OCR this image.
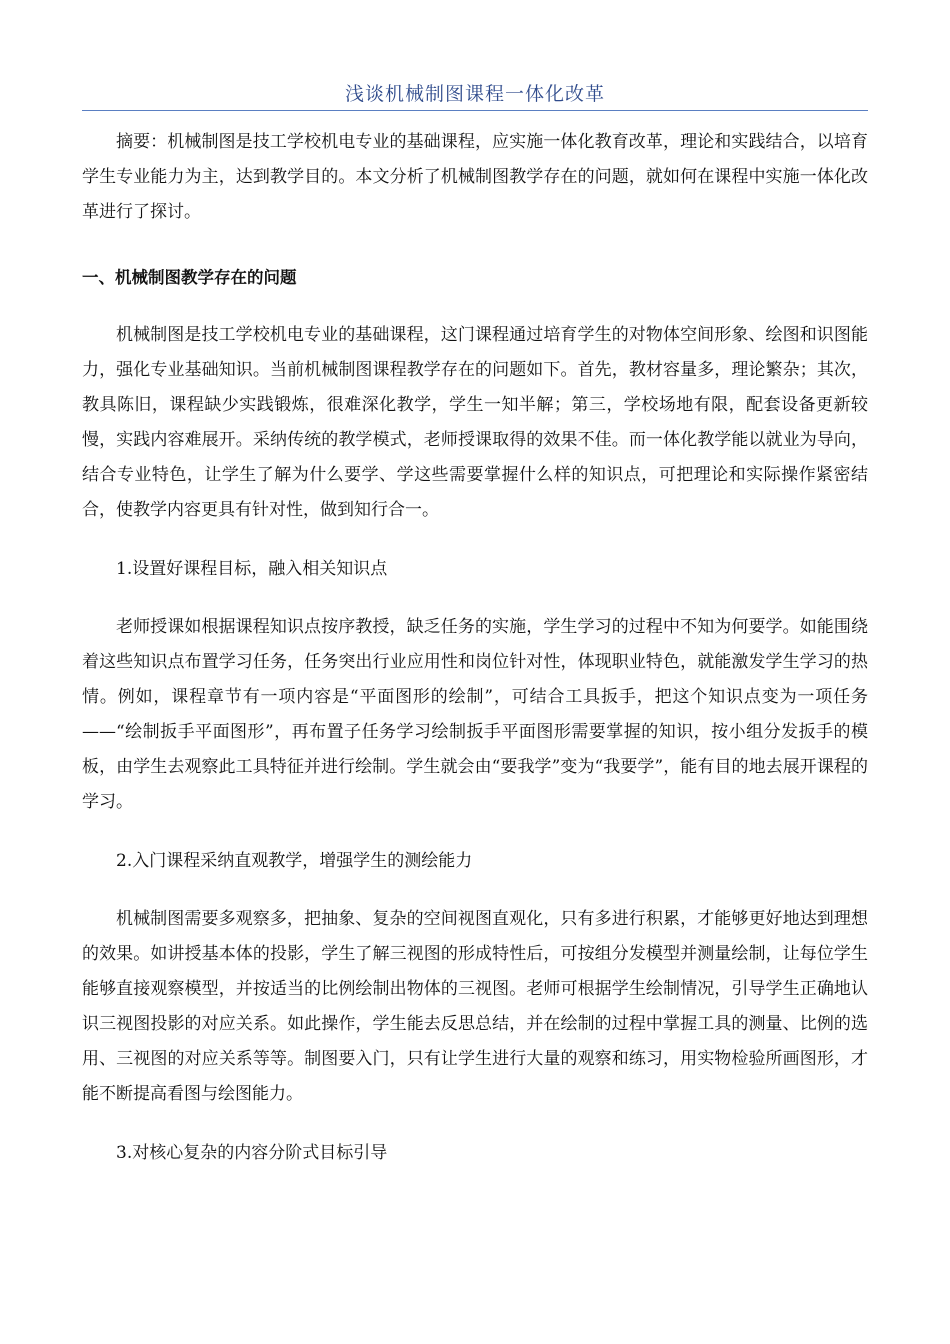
浅谈机械制图课程一体化改革

摘要：机械制图是技工学校机电专业的基础课程，应实施一体化教育改革，理论和实践结合，以培育学生专业能力为主，达到教学目的。本文分析了机械制图教学存在的问题，就如何在课程中实施一体化改革进行了探讨。

一、机械制图教学存在的问题

机械制图是技工学校机电专业的基础课程，这门课程通过培育学生的对物体空间形象、绘图和识图能力，强化专业基础知识。当前机械制图课程教学存在的问题如下。首先，教材容量多，理论繁杂；其次，教具陈旧，课程缺少实践锻炼，很难深化教学，学生一知半解；第三，学校场地有限，配套设备更新较慢，实践内容难展开。采纳传统的教学模式，老师授课取得的效果不佳。而一体化教学能以就业为导向，结合专业特色，让学生了解为什么要学、学这些需要掌握什么样的知识点，可把理论和实际操作紧密结合，使教学内容更具有针对性，做到知行合一。

1.设置好课程目标，融入相关知识点

老师授课如根据课程知识点按序教授，缺乏任务的实施，学生学习的过程中不知为何要学。如能围绕着这些知识点布置学习任务，任务突出行业应用性和岗位针对性，体现职业特色，就能激发学生学习的热情。例如，课程章节有一项内容是“平面图形的绘制”，可结合工具扳手，把这个知识点变为一项任务——“绘制扳手平面图形”，再布置子任务学习绘制扳手平面图形需要掌握的知识，按小组分发扳手的模板，由学生去观察此工具特征并进行绘制。学生就会由“要我学”变为“我要学”，能有目的地去展开课程的学习。

2.入门课程采纳直观教学，增强学生的测绘能力

机械制图需要多观察多，把抽象、复杂的空间视图直观化，只有多进行积累，才能够更好地达到理想的效果。如讲授基本体的投影，学生了解三视图的形成特性后，可按组分发模型并测量绘制，让每位学生能够直接观察模型，并按适当的比例绘制出物体的三视图。老师可根据学生绘制情况，引导学生正确地认识三视图投影的对应关系。如此操作，学生能去反思总结，并在绘制的过程中掌握工具的测量、比例的选用、三视图的对应关系等等。制图要入门，只有让学生进行大量的观察和练习，用实物检验所画图形，才能不断提高看图与绘图能力。

3.对核心复杂的内容分阶式目标引导
